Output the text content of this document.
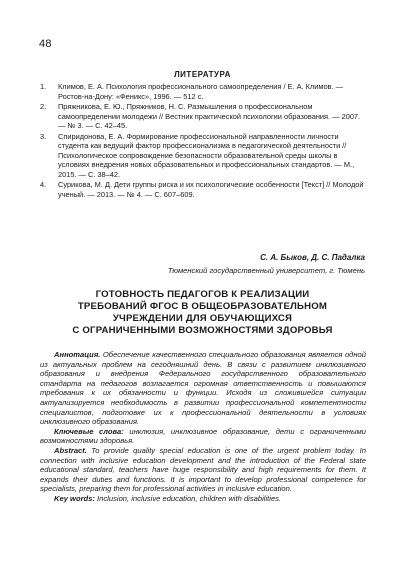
48
ЛИТЕРАТУРА
1.	Климов, Е. А. Психология профессионального самоопределения / Е. А. Климов. — Ростов-на-Дону: «Феникс», 1996. — 512 с.
2.	Пряжникова, Е. Ю., Пряжников, Н. С. Размышления о профессиональном самоопределении молодежи // Вестник практической психологии образования. — 2007. — № 3. — С. 42–45.
3.	Спиридонова, Е. А. Формирование профессиональной направленности личности студента как ведущий фактор профессионализма в педагогической деятельности // Психологическое сопровождение безопасности образовательной среды школы в условиях внедрения новых образовательных и профессиональных стандартов. — М., 2015. — С. 38–42.
4.	Сурикова, М. Д. Дети группы риска и их психологические особенности [Текст] // Молодой ученый. — 2013. — № 4. — С. 607–609.
С. А. Быков, Д. С. Падалка
Тюменский государственный университет, г. Тюмень
ГОТОВНОСТЬ ПЕДАГОГОВ К РЕАЛИЗАЦИИ
ТРЕБОВАНИЙ ФГОС В ОБЩЕОБРАЗОВАТЕЛЬНОМ
УЧРЕЖДЕНИИ ДЛЯ ОБУЧАЮЩИХСЯ
С ОГРАНИЧЕННЫМИ ВОЗМОЖНОСТЯМИ ЗДОРОВЬЯ

Аннотация. Обеспечение качественного специального образования является одной из актуальных проблем на сегодняшний день. В связи с развитием инклюзивного образования и внедрения Федерального государственного образовательного стандарта на педагогов возлагается огромная ответственность и повышаются требования к их обязанности и функции. Исходя из сложившейся ситуации актуализируется необходимость в развитии профессиональной компетентности специалистов, подготовке их к профессиональной деятельности в условиях инклюзивного образования.

Ключевые слова: инклюзия, инклюзивное образование, дети с ограниченными возможностями здоровья.

Abstract. To provide quality special education is one of the urgent problem today. In connection with inclusive education development and the introduction of the Federal state educational standard, teachers have huge responsibility and high requirements for them. It expands their duties and functions. It is important to develop professional competence for specialists, preparing them for professional activities in inclusive education.

Key words: Inclusion, inclusive education, children with disabilities.
